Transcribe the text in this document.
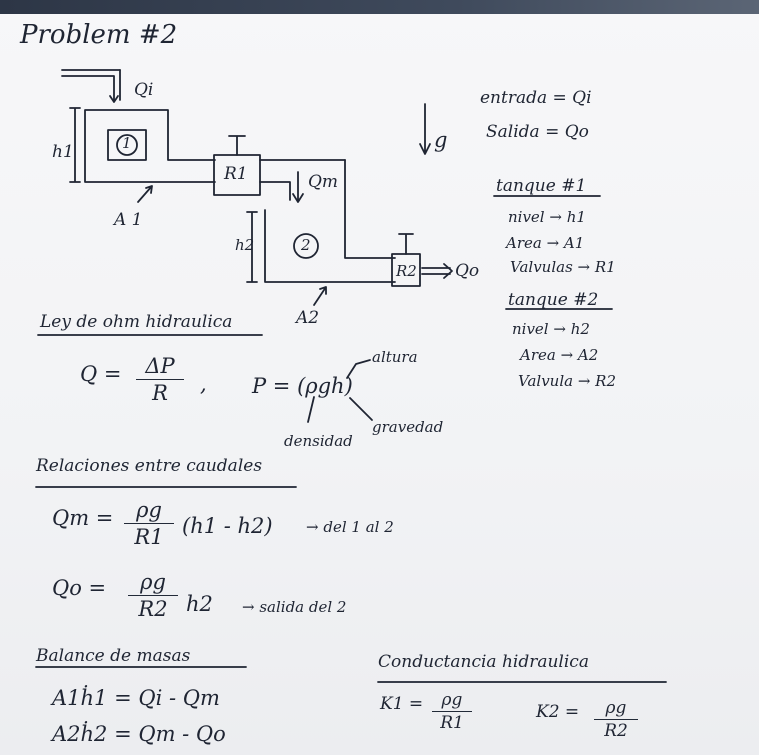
Problem #2
Qi
h1	1
A 1
R1	Qm
h2	2
R2 Qo
A2
g
entrada = Qi
Salida = Qo
tanque #1
nivel → h1
Area → A1
Valvulas → R1
tanque #2
nivel → h2
Area → A2
Valvula → R2
Ley de ohm hidraulica
$Q = \frac{\Delta P}{R}$ , P = (ρgh)
altura
gravedad
densidad
Relaciones entre caudales
$Qm = \frac{\rho g}{R1} (h1 - h2)$ → del 1 al 2
$Qo = \frac{\rho g}{R2} h2$ → salida del 2
Balance de masas
A1ḣ1 = Qi - Qm
A2ḣ2 = Qm - Qo
Conductancia hidraulica
$K1 = \frac{\rho g}{R1}$	$K2 = \frac{\rho g}{R2}$
